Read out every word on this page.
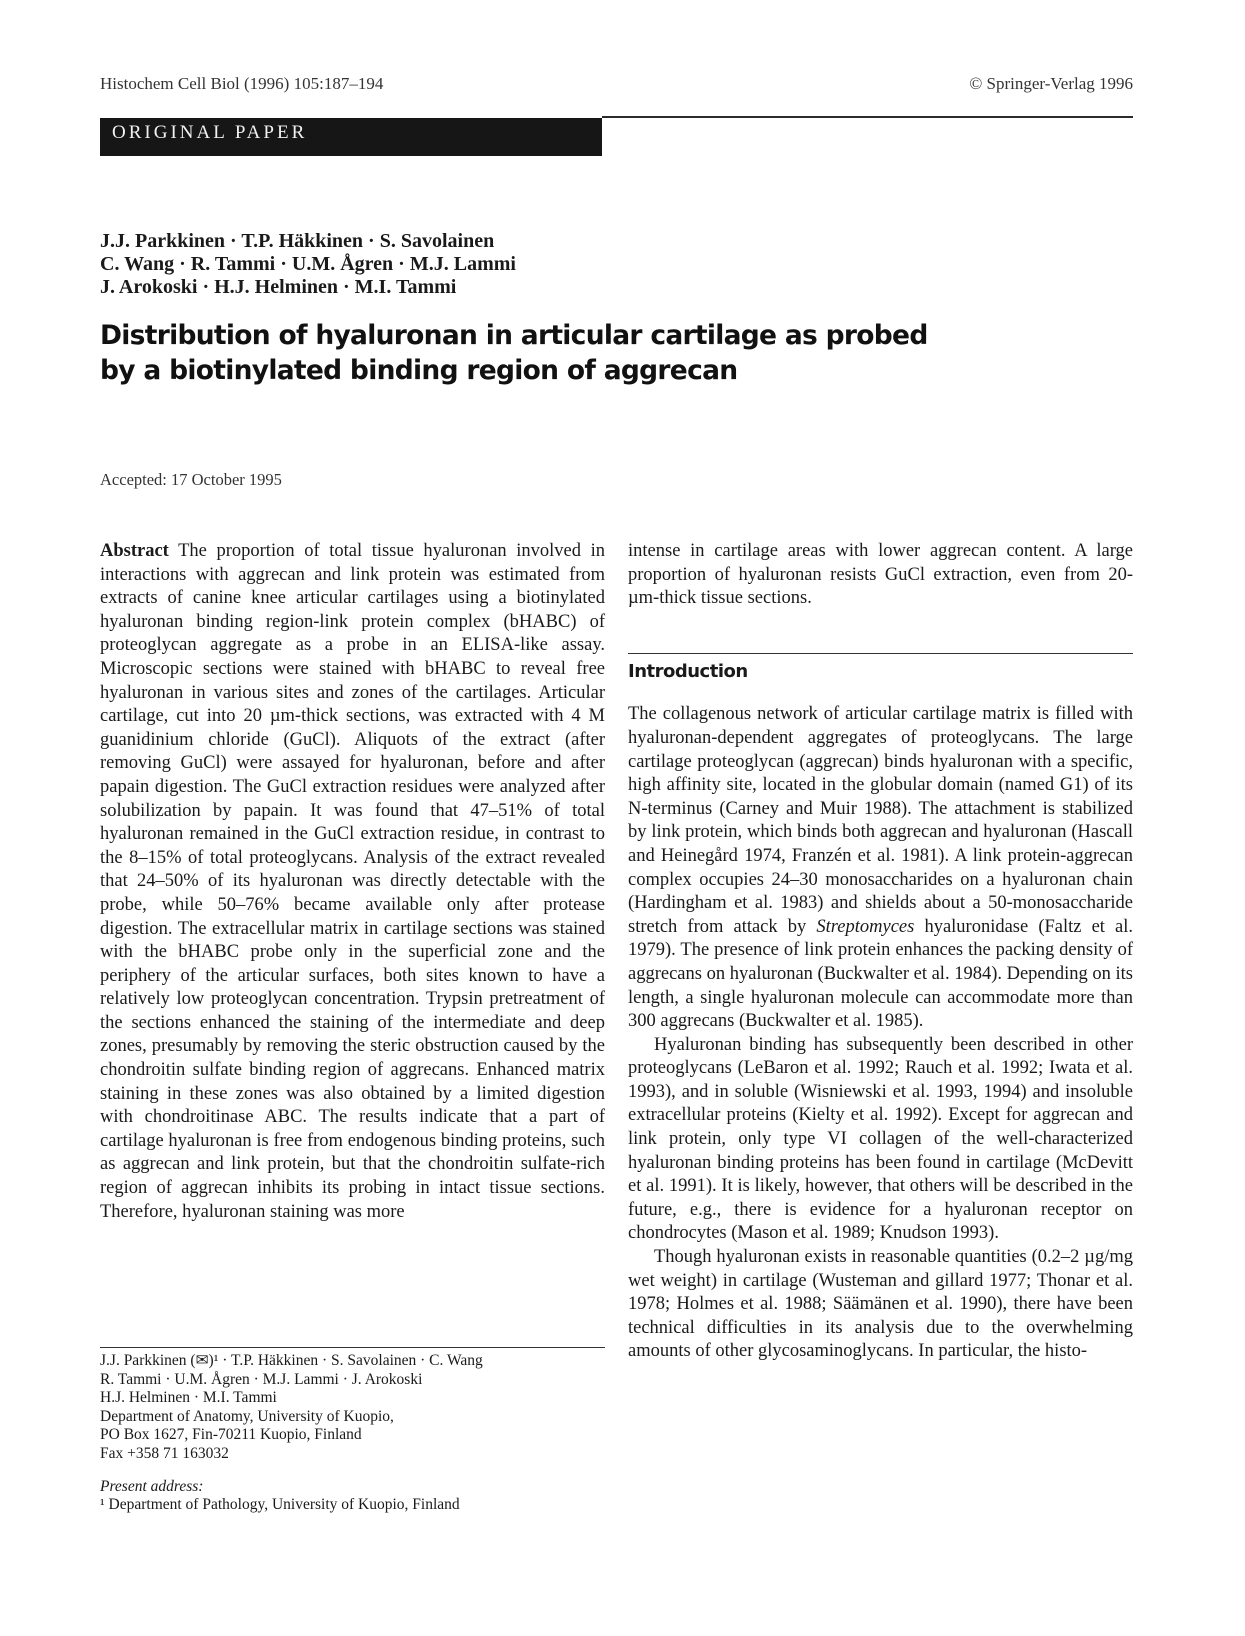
Histochem Cell Biol (1996) 105:187–194	© Springer-Verlag 1996
ORIGINAL PAPER
J.J. Parkkinen · T.P. Häkkinen · S. Savolainen
C. Wang · R. Tammi · U.M. Ågren · M.J. Lammi
J. Arokoski · H.J. Helminen · M.I. Tammi
Distribution of hyaluronan in articular cartilage as probed
by a biotinylated binding region of aggrecan
Accepted: 17 October 1995

Abstract The proportion of total tissue hyaluronan involved in interactions with aggrecan and link protein was estimated from extracts of canine knee articular cartilages using a biotinylated hyaluronan binding region-link protein complex (bHABC) of proteoglycan aggregate as a probe in an ELISA-like assay. Microscopic sections were stained with bHABC to reveal free hyaluronan in various sites and zones of the cartilages. Articular cartilage, cut into 20 µm-thick sections, was extracted with 4 M guanidinium chloride (GuCl). Aliquots of the extract (after removing GuCl) were assayed for hyaluronan, before and after papain digestion. The GuCl extraction residues were analyzed after solubilization by papain. It was found that 47–51% of total hyaluronan remained in the GuCl extraction residue, in contrast to the 8–15% of total proteoglycans. Analysis of the extract revealed that 24–50% of its hyaluronan was directly detectable with the probe, while 50–76% became available only after protease digestion. The extracellular matrix in cartilage sections was stained with the bHABC probe only in the superficial zone and the periphery of the articular surfaces, both sites known to have a relatively low proteoglycan concentration. Trypsin pretreatment of the sections enhanced the staining of the intermediate and deep zones, presumably by removing the steric obstruction caused by the chondroitin sulfate binding region of aggrecans. Enhanced matrix staining in these zones was also obtained by a limited digestion with chondroitinase ABC. The results indicate that a part of cartilage hyaluronan is free from endogenous binding proteins, such as aggrecan and link protein, but that the chondroitin sulfate-rich region of aggrecan inhibits its probing in intact tissue sections. Therefore, hyaluronan staining was more

intense in cartilage areas with lower aggrecan content. A large proportion of hyaluronan resists GuCl extraction, even from 20-µm-thick tissue sections.

Introduction

The collagenous network of articular cartilage matrix is filled with hyaluronan-dependent aggregates of proteoglycans. The large cartilage proteoglycan (aggrecan) binds hyaluronan with a specific, high affinity site, located in the globular domain (named G1) of its N-terminus (Carney and Muir 1988). The attachment is stabilized by link protein, which binds both aggrecan and hyaluronan (Hascall and Heinegård 1974, Franzén et al. 1981). A link protein-aggrecan complex occupies 24–30 monosaccharides on a hyaluronan chain (Hardingham et al. 1983) and shields about a 50-monosaccharide stretch from attack by Streptomyces hyaluronidase (Faltz et al. 1979). The presence of link protein enhances the packing density of aggrecans on hyaluronan (Buckwalter et al. 1984). Depending on its length, a single hyaluronan molecule can accommodate more than 300 aggrecans (Buckwalter et al. 1985).

Hyaluronan binding has subsequently been described in other proteoglycans (LeBaron et al. 1992; Rauch et al. 1992; Iwata et al. 1993), and in soluble (Wisniewski et al. 1993, 1994) and insoluble extracellular proteins (Kielty et al. 1992). Except for aggrecan and link protein, only type VI collagen of the well-characterized hyaluronan binding proteins has been found in cartilage (McDevitt et al. 1991). It is likely, however, that others will be described in the future, e.g., there is evidence for a hyaluronan receptor on chondrocytes (Mason et al. 1989; Knudson 1993).

Though hyaluronan exists in reasonable quantities (0.2–2 µg/mg wet weight) in cartilage (Wusteman and gillard 1977; Thonar et al. 1978; Holmes et al. 1988; Säämänen et al. 1990), there have been technical difficulties in its analysis due to the overwhelming amounts of other glycosaminoglycans. In particular, the histo-

J.J. Parkkinen (✉)¹ · T.P. Häkkinen · S. Savolainen · C. Wang
R. Tammi · U.M. Ågren · M.J. Lammi · J. Arokoski
H.J. Helminen · M.I. Tammi
Department of Anatomy, University of Kuopio,
PO Box 1627, Fin-70211 Kuopio, Finland
Fax +358 71 163032
Present address:
¹ Department of Pathology, University of Kuopio, Finland
